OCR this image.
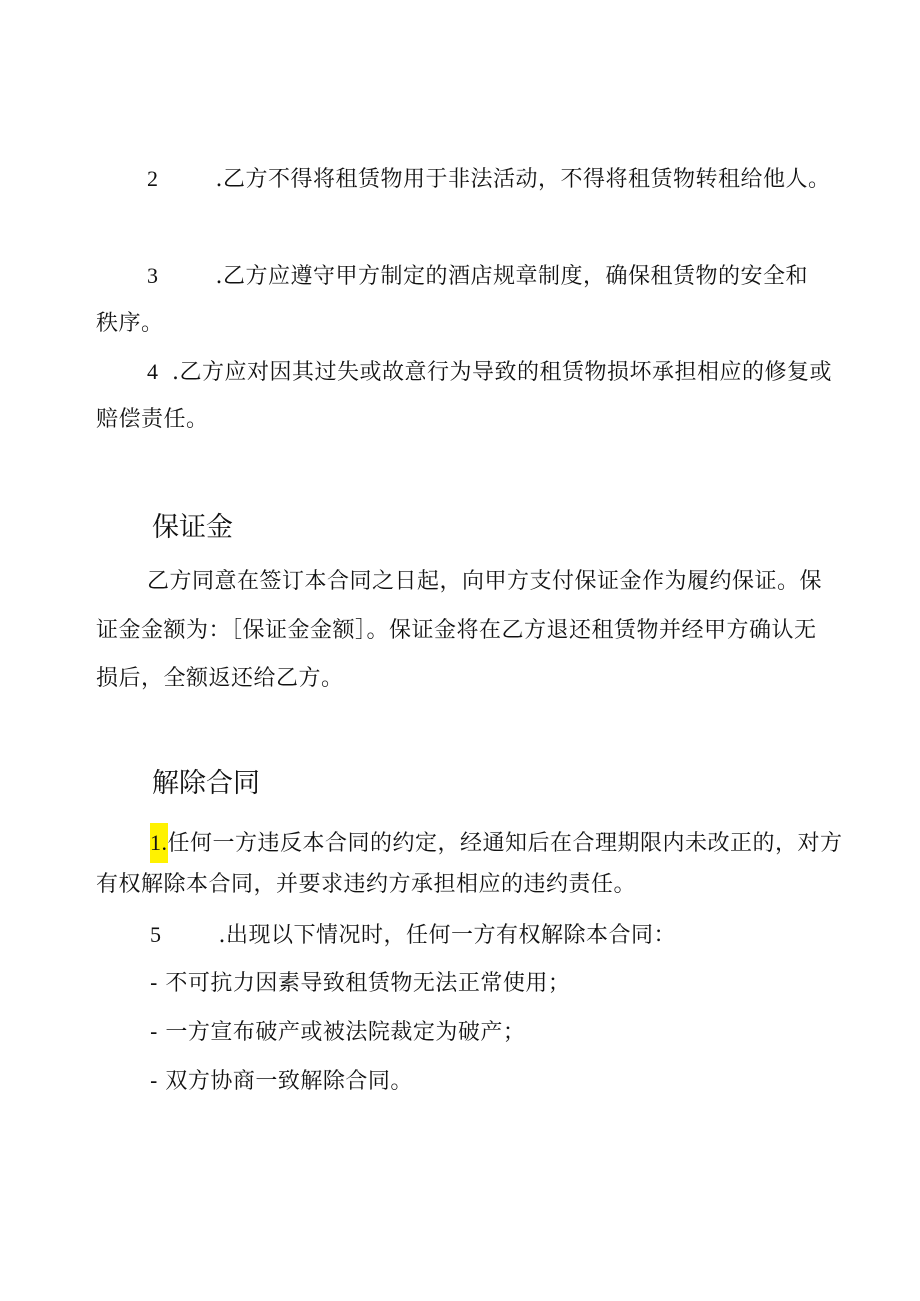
2	.乙方不得将租赁物用于非法活动，不得将租赁物转租给他人。
3	.乙方应遵守甲方制定的酒店规章制度，确保租赁物的安全和
秩序。
4 .乙方应对因其过失或故意行为导致的租赁物损坏承担相应的修复或
赔偿责任。
保证金
乙方同意在签订本合同之日起，向甲方支付保证金作为履约保证。保
证金金额为：［保证金金额］。保证金将在乙方退还租赁物并经甲方确认无
损后，全额返还给乙方。
解除合同
1.任何一方违反本合同的约定，经通知后在合理期限内未改正的，对方
有权解除本合同，并要求违约方承担相应的违约责任。
5	.出现以下情况时，任何一方有权解除本合同：
- 不可抗力因素导致租赁物无法正常使用；
- 一方宣布破产或被法院裁定为破产；
- 双方协商一致解除合同。
